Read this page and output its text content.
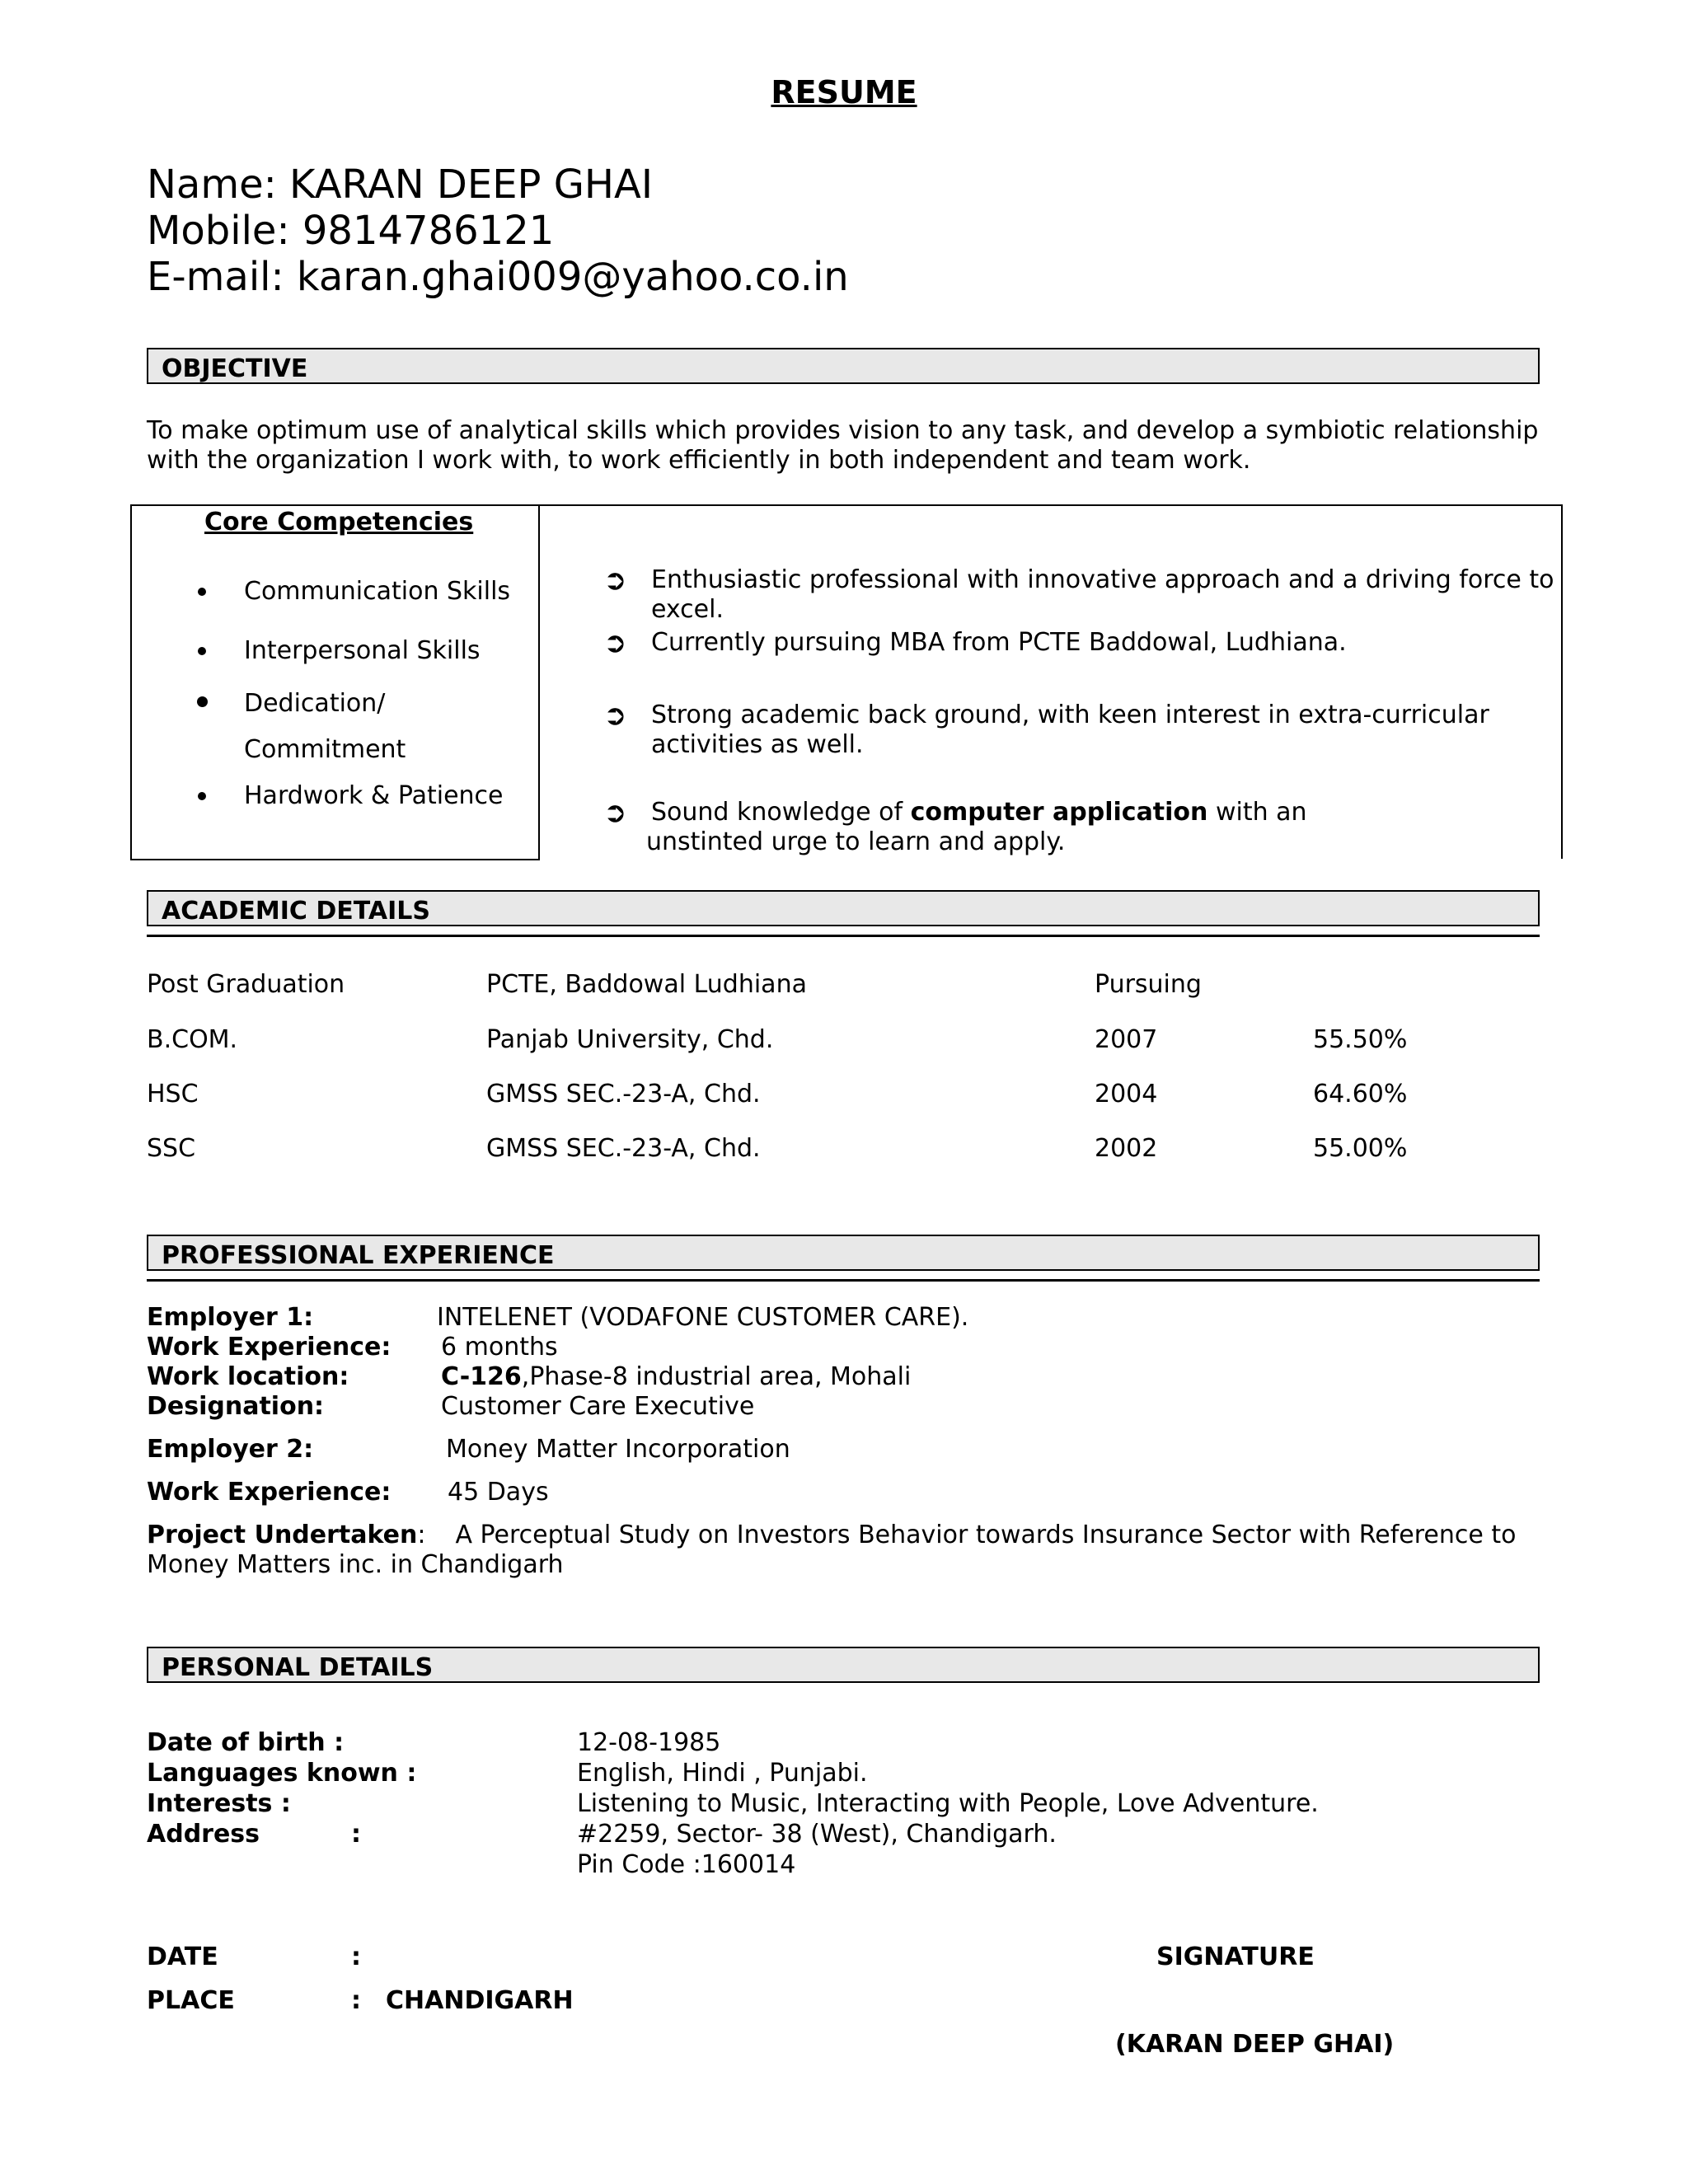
RESUME
Name: KARAN DEEP GHAI
Mobile: 9814786121
E-mail: karan.ghai009@yahoo.co.in
OBJECTIVE
To make optimum use of analytical skills which provides vision to any task, and develop a symbiotic relationship
with the organization I work with, to work efficiently in both independent and team work.
Core Competencies
Communication Skills
Interpersonal Skills
Dedication/
Commitment
Hardwork & Patience
➲ Enthusiastic professional with innovative approach and a driving force to
excel.
➲ Currently pursuing MBA from PCTE Baddowal, Ludhiana.
➲ Strong academic back ground, with keen interest in extra-curricular
activities as well.
➲ Sound knowledge of computer application with an
unstinted urge to learn and apply.
ACADEMIC DETAILS
Post Graduation	PCTE, Baddowal Ludhiana	Pursuing
B.COM.	Panjab University, Chd.	2007	55.50%
HSC	GMSS SEC.-23-A, Chd.	2004	64.60%
SSC	GMSS SEC.-23-A, Chd.	2002	55.00%
PROFESSIONAL EXPERIENCE
Employer 1:	INTELENET (VODAFONE CUSTOMER CARE).
Work Experience: 6 months
Work location:	C-126,Phase-8 industrial area, Mohali
Designation:	Customer Care Executive
Employer 2:	Money Matter Incorporation
Work Experience: 45 Days
Project Undertaken: A Perceptual Study on Investors Behavior towards Insurance Sector with Reference to
Money Matters inc. in Chandigarh
PERSONAL DETAILS
Date of birth :	12-08-1985
Languages known :	English, Hindi , Punjabi.
Interests :	Listening to Music, Interacting with People, Love Adventure.
Address	:	#2259, Sector- 38 (West), Chandigarh.
Pin Code :160014
DATE	:	SIGNATURE
PLACE	: CHANDIGARH
(KARAN DEEP GHAI)
